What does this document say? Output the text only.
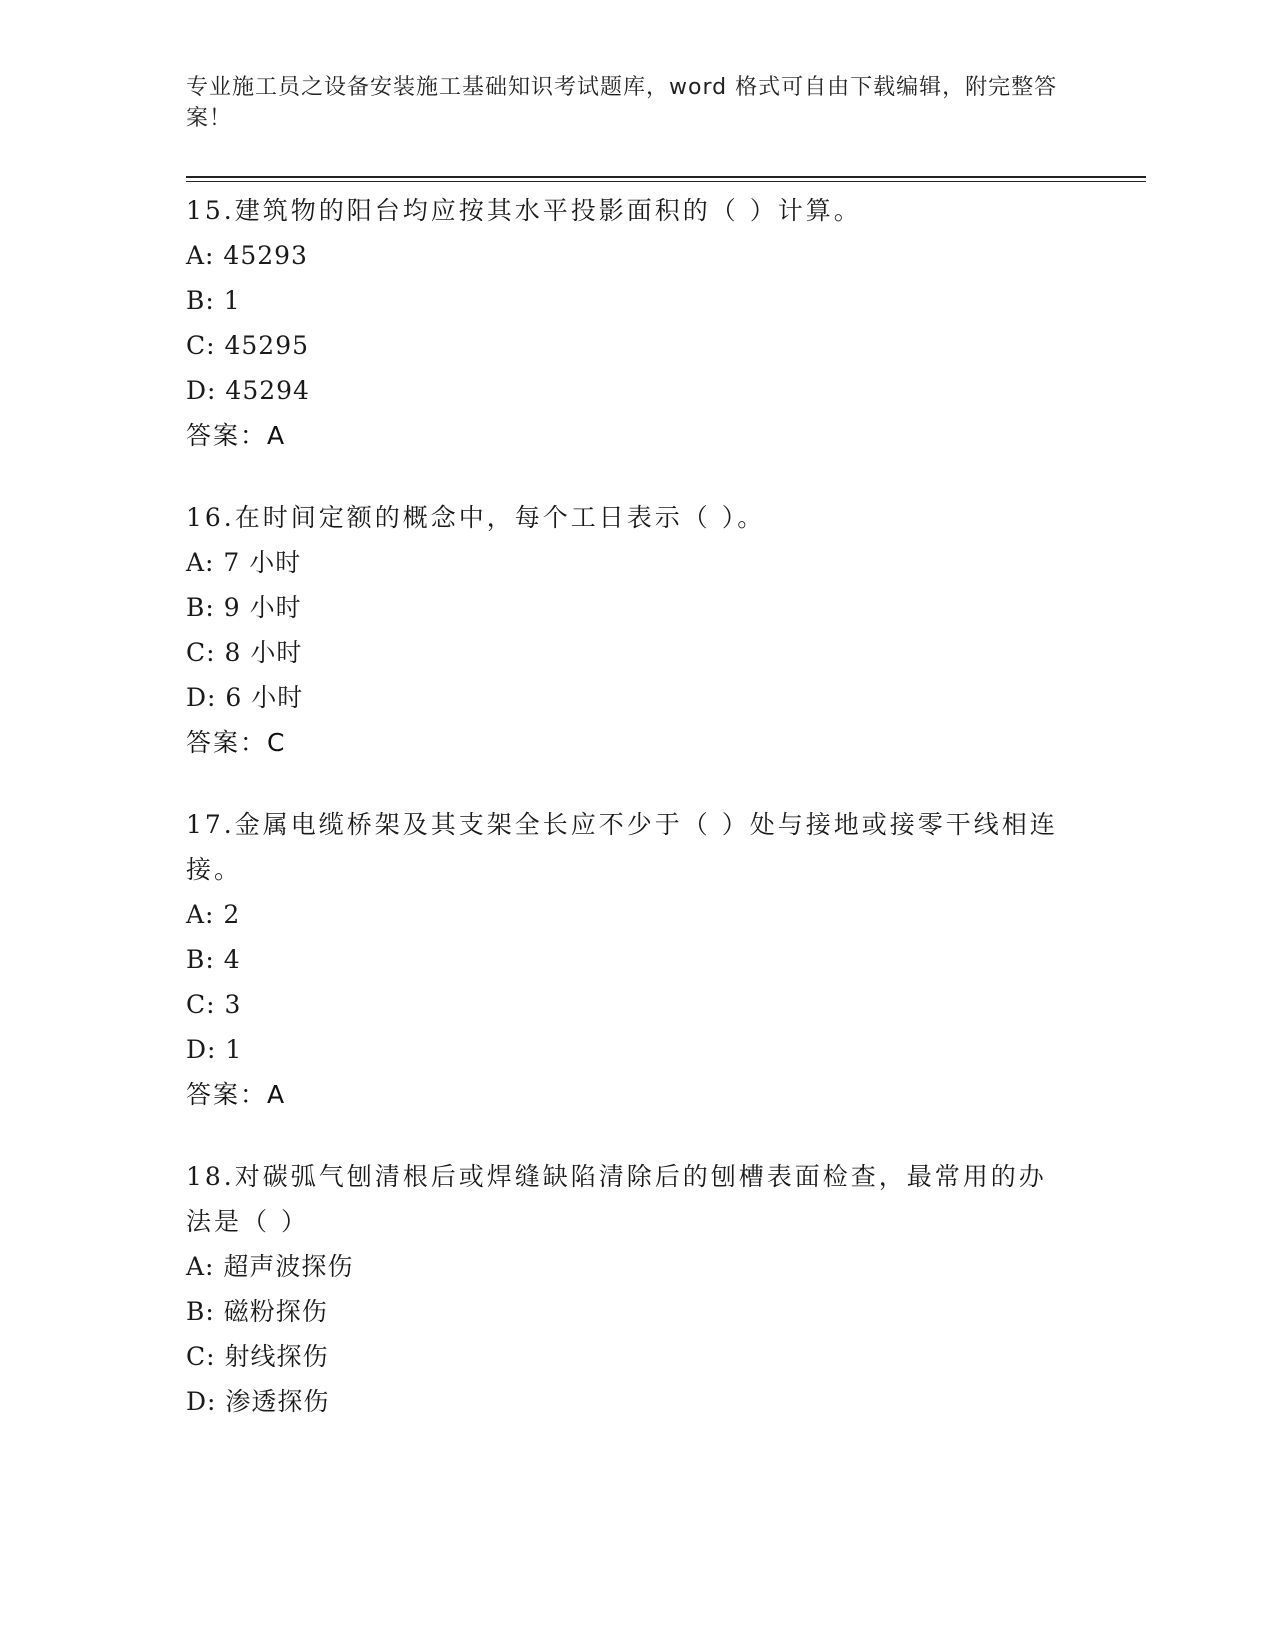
专业施工员之设备安装施工基础知识考试题库，word 格式可自由下载编辑，附完整答案！
15.建筑物的阳台均应按其水平投影面积的（ ）计算。
A: 45293
B: 1
C: 45295
D: 45294
答案：A
16.在时间定额的概念中，每个工日表示（ ）。
A: 7 小时
B: 9 小时
C: 8 小时
D: 6 小时
答案：C
17.金属电缆桥架及其支架全长应不少于（ ）处与接地或接零干线相连接。
A: 2
B: 4
C: 3
D: 1
答案：A
18.对碳弧气刨清根后或焊缝缺陷清除后的刨槽表面检查，最常用的办法是（ ）
A: 超声波探伤
B: 磁粉探伤
C: 射线探伤
D: 渗透探伤
